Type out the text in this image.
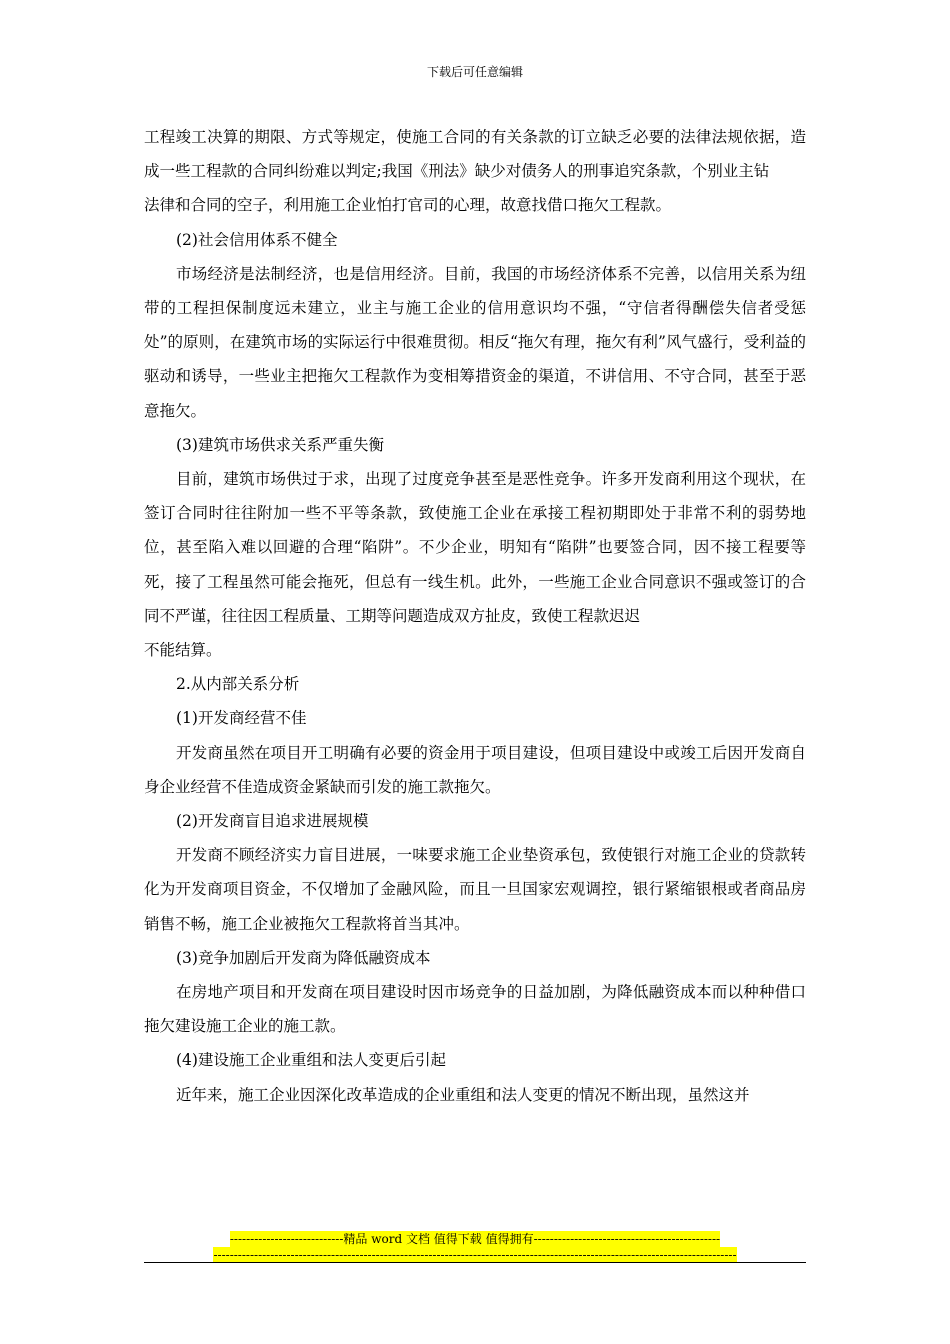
下载后可任意编辑

工程竣工决算的期限、方式等规定，使施工合同的有关条款的订立缺乏必要的法律法规依据，造成一些工程款的合同纠纷难以判定;我国《刑法》缺少对债务人的刑事追究条款，个别业主钻

法律和合同的空子，利用施工企业怕打官司的心理，故意找借口拖欠工程款。

(2)社会信用体系不健全

市场经济是法制经济，也是信用经济。目前，我国的市场经济体系不完善，以信用关系为纽带的工程担保制度远未建立，业主与施工企业的信用意识均不强，“守信者得酬偿失信者受惩处”的原则，在建筑市场的实际运行中很难贯彻。相反“拖欠有理，拖欠有利”风气盛行，受利益的驱动和诱导，一些业主把拖欠工程款作为变相筹措资金的渠道，不讲信用、不守合同，甚至于恶意拖欠。

(3)建筑市场供求关系严重失衡

目前，建筑市场供过于求，出现了过度竞争甚至是恶性竞争。许多开发商利用这个现状，在签订合同时往往附加一些不平等条款，致使施工企业在承接工程初期即处于非常不利的弱势地位，甚至陷入难以回避的合理“陷阱”。不少企业，明知有“陷阱”也要签合同，因不接工程要等死，接了工程虽然可能会拖死，但总有一线生机。此外，一些施工企业合同意识不强或签订的合同不严谨，往往因工程质量、工期等问题造成双方扯皮，致使工程款迟迟

不能结算。

2.从内部关系分析

(1)开发商经营不佳

开发商虽然在项目开工明确有必要的资金用于项目建设，但项目建设中或竣工后因开发商自身企业经营不佳造成资金紧缺而引发的施工款拖欠。

(2)开发商盲目追求进展规模

开发商不顾经济实力盲目进展，一味要求施工企业垫资承包，致使银行对施工企业的贷款转化为开发商项目资金，不仅增加了金融风险，而且一旦国家宏观调控，银行紧缩银根或者商品房销售不畅，施工企业被拖欠工程款将首当其冲。

(3)竞争加剧后开发商为降低融资成本

在房地产项目和开发商在项目建设时因市场竞争的日益加剧，为降低融资成本而以种种借口拖欠建设施工企业的施工款。

(4)建设施工企业重组和法人变更后引起

近年来，施工企业因深化改革造成的企业重组和法人变更的情况不断出现，虽然这并

----------------------------精品 word 文档 值得下载 值得拥有----------------------------------------------
---------------------------------------------------------------------------------------------------------------------------------
